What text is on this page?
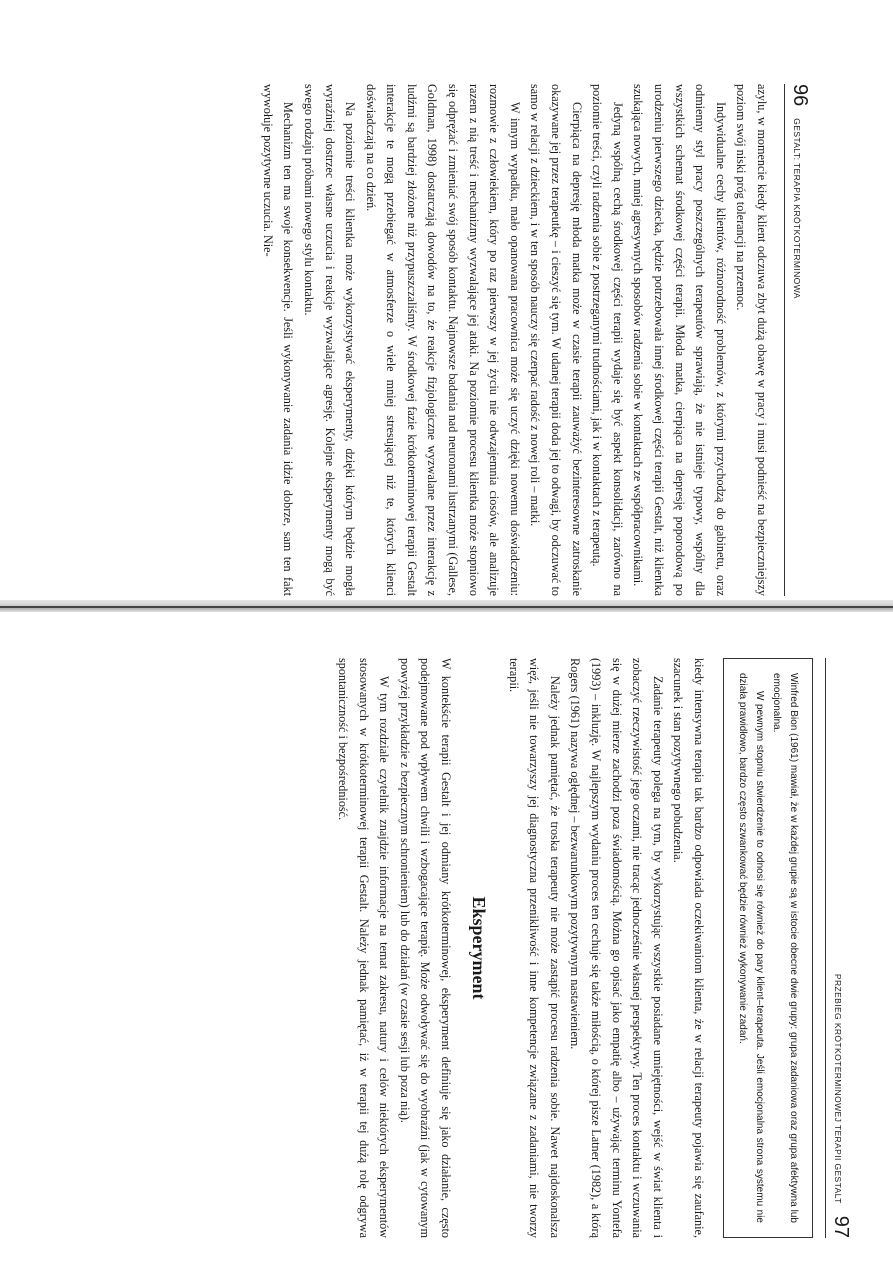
96
GESTALT: TERAPIA KRÓTKOTERMINOWA

azylu, w momencie kiedy klient odczuwa zbyt dużą obawę w pracy i musi podnieść na bezpieczniejszy poziom swój niski próg tolerancji na przemoc.

Indywidualne cechy klientów, różnorodność problemów, z którymi przychodzą do gabinetu, oraz odmienny styl pracy poszczególnych terapeutów sprawiają, że nie istnieje typowy, wspólny dla wszystkich schemat środkowej części terapii. Młoda matka, cierpiąca na depresję poporodową po urodzeniu pierwszego dziecka, będzie potrzebowała innej środkowej części terapii Gestalt, niż klientka szukająca nowych, mniej agresywnych sposobów radzenia sobie w kontaktach ze współpracownikami.

Jedyną wspólną cechą środkowej części terapii wydaje się być aspekt konsolidacji, zarówno na poziomie treści, czyli radzenia sobie z postrzeganymi trudnościami, jak i w kontaktach z terapeutą.

Cierpiąca na depresję młoda matka może w czasie terapii zauważyć bezinteresowne zatroskanie okazywane jej przez terapeutkę – i cieszyć się tym. W udanej terapii doda jej to odwagi, by odczuwać to samo w relacji z dzieckiem, i w ten sposób nauczy się czerpać radość z nowej roli – matki.

W innym wypadku, mało opanowana pracownica może się uczyć dzięki nowemu doświadczeniu: rozmowie z człowiekiem, który po raz pierwszy w jej życiu nie odwzajemnia ciosów, ale analizuje razem z nią treść i mechanizmy wyzwalające jej ataki. Na poziomie procesu klientka może stopniowo się odprężać i zmieniać swój sposób kontaktu. Najnowsze badania nad neuronami lustrzanymi (Gallese, Goldman, 1998) dostarczają dowodów na to, że reakcje fizjologiczne wyzwalane przez interakcję z ludźmi są bardziej złożone niż przypuszczaliśmy. W środkowej fazie krótkoterminowej terapii Gestalt interakcje te mogą przebiegać w atmosferze o wiele mniej stresującej niż te, których klienci doświadczają na co dzień.

Na poziomie treści klientka może wykorzystywać eksperymenty, dzięki którym będzie mogła wyraźniej dostrzec własne uczucia i reakcje wyzwalające agresję. Kolejne eksperymenty mogą być swego rodzaju próbami nowego stylu kontaktu.

Mechanizm ten ma swoje konsekwencje. Jeśli wykonywanie zadania idzie dobrze, sam ten fakt wywołuje pozytywne uczucia. Nie-

PRZEBIEG KRÓTKOTERMINOWEJ TERAPII GESTALT
97

Winfred Bion (1961) mawiał, że w każdej grupie są w istocie obecne dwie grupy: grupa zadaniowa oraz grupa afektywna lub emocjonalna.

W pewnym stopniu stwierdzenie to odnosi się również do pary klient–terapeuta. Jeśli emocjonalna strona systemu nie działa prawidłowo, bardzo często szwankować będzie również wykonywanie zadań.

kiedy intensywna terapia tak bardzo odpowiada oczekiwaniom klienta, że w relacji terapeuty pojawia się zaufanie, szacunek i stan pozytywnego pobudzenia.

Zadanie terapeuty polega na tym, by wykorzystując wszystkie posiadane umiejętności, wejść w świat klienta i zobaczyć rzeczywistość jego oczami, nie tracąc jednocześnie własnej perspektywy. Ten proces kontaktu i wczuwania się w dużej mierze zachodzi poza świadomością. Można go opisać jako empatię albo – używając terminu Yontefa (1993) – inkluzję. W najlepszym wydaniu proces ten cechuje się także miłością, o której pisze Latner (1982), a którą Rogers (1961) nazywa ogłędnej – bezwarunkowym pozytywnym nastawieniem.

Należy jednak pamiętać, że troska terapeuty nie może zastąpić procesu radzenia sobie. Nawet najdoskonalsza więź, jeśli nie towarzyszy jej diagnostyczna przenikliwość i inne kompetencje związane z zadaniami, nie tworzy terapii.

Eksperyment

W kontekście terapii Gestalt i jej odmiany krótkoterminowej, eksperyment definiuje się jako działanie, często podejmowane pod wpływem chwili i wzbogacające terapię. Może odwoływać się do wyobraźni (jak w cytowanym powyżej przykładzie z bezpiecznym schronieniem) lub do działań (w czasie sesji lub poza nią).

W tym rozdziale czytelnik znajdzie informacje na temat zakresu, natury i celów niektórych eksperymentów stosowanych w krótkoterminowej terapii Gestalt. Należy jednak pamiętać, iż w terapii tej dużą rolę odgrywa spontaniczność i bezpośredniość.
